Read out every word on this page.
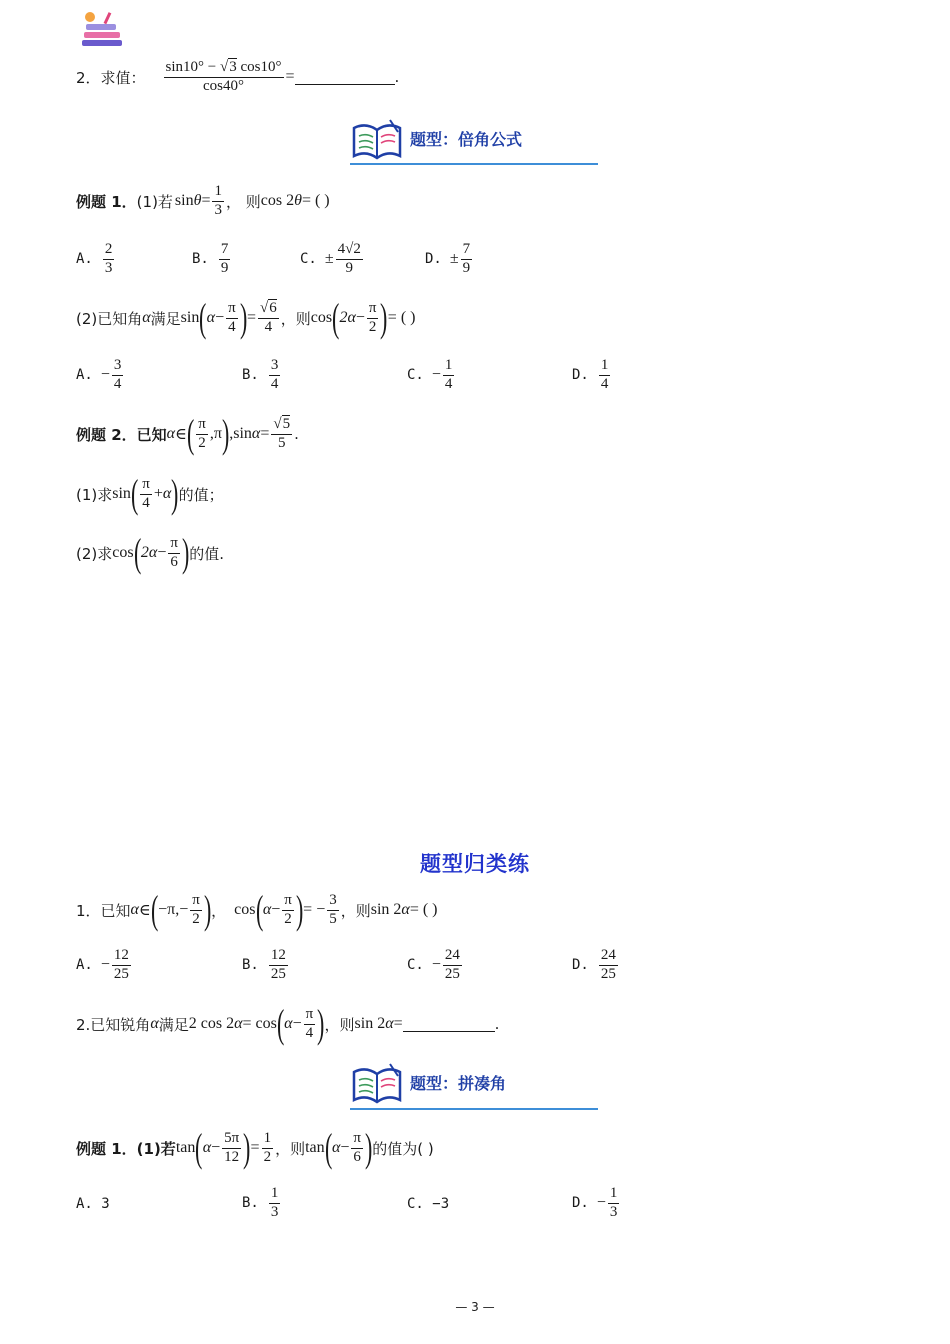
2．求值： $\frac{\sin 10^\circ - √3 \cos 10^\circ}{\cos 40^\circ}$ =	.
题型：倍角公式
例题 1． (1)若 $\sin \theta = \frac{1}{3}$ ， 则 cos 2 θ = ( )
A. $\frac{2}{3}$	B. $\frac{7}{9}$	C. ± $\frac{4√2}{9}$	D. ± $\frac{7}{9}$
(2)已知角 α 满足 sin ( $\alpha - \frac{\pi}{4}$ ) = $\frac{√6}{4}$ ，则 cos ( $2\alpha - \frac{\pi}{2}$ ) = ( )
A. − $\frac{3}{4}$	B. $\frac{3}{4}$	C. − $\frac{1}{4}$	D. $\frac{1}{4}$
例题 2．已知 α ∈ ( $\frac{\pi}{2} ,\pi$ ) ,sin $\alpha = \frac{√5}{5}$ .
(1)求 sin ( $\frac{\pi}{4} + \alpha$ ) 的值；
(2)求 cos ( $2\alpha - \frac{\pi}{6}$ ) 的值.
题型归类练
1．已知 α ∈ ( $-\pi,- \frac{\pi}{2}$ ) ， cos ( $\alpha - \frac{\pi}{2}$ ) = − $\frac{3}{5}$ ，则 sin 2 α = ( )
A. − $\frac{12}{25}$	B. $\frac{12}{25}$	C. − $\frac{24}{25}$	D. $\frac{24}{25}$
2.已知锐角 α 满足 2 cos 2 α = cos ( $\alpha - \frac{\pi}{4}$ ) ，则 sin 2 α =	.
题型：拼凑角
例题 1．(1)若 tan ( $\alpha - \frac{5\pi}{12}$ ) = $\frac{1}{2}$ ，则 tan ( $\alpha - \frac{\pi}{6}$ ) 的值为( )
A. 3	B. $\frac{1}{3}$	C. −3	D. − $\frac{1}{3}$
— 3 —
